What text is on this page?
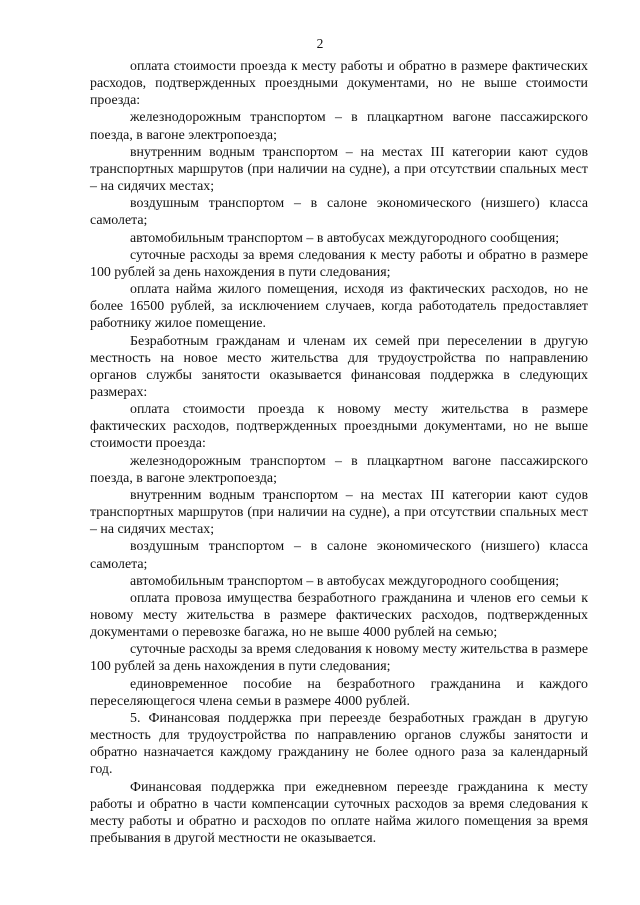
2

оплата стоимости проезда к месту работы и обратно в размере фактических расходов, подтвержденных проездными документами, но не выше стоимости проезда:

железнодорожным транспортом – в плацкартном вагоне пассажирского поезда, в вагоне электропоезда;

внутренним водным транспортом – на местах III категории кают судов транспортных маршрутов (при наличии на судне), а при отсутствии спальных мест – на сидячих местах;

воздушным транспортом – в салоне экономического (низшего) класса самолета;

автомобильным транспортом – в автобусах междугородного сообщения;

суточные расходы за время следования к месту работы и обратно в размере 100 рублей за день нахождения в пути следования;

оплата найма жилого помещения, исходя из фактических расходов, но не более 16500 рублей, за исключением случаев, когда работодатель предоставляет работнику жилое помещение.

Безработным гражданам и членам их семей при переселении в другую местность на новое место жительства для трудоустройства по направлению органов службы занятости оказывается финансовая поддержка в следующих размерах:

оплата стоимости проезда к новому месту жительства в размере фактических расходов, подтвержденных проездными документами, но не выше стоимости проезда:

железнодорожным транспортом – в плацкартном вагоне пассажирского поезда, в вагоне электропоезда;

внутренним водным транспортом – на местах III категории кают судов транспортных маршрутов (при наличии на судне), а при отсутствии спальных мест – на сидячих местах;

воздушным транспортом – в салоне экономического (низшего) класса самолета;

автомобильным транспортом – в автобусах междугородного сообщения;

оплата провоза имущества безработного гражданина и членов его семьи к новому месту жительства в размере фактических расходов, подтвержденных документами о перевозке багажа, но не выше 4000 рублей на семью;

суточные расходы за время следования к новому месту жительства в размере 100 рублей за день нахождения в пути следования;

единовременное пособие на безработного гражданина и каждого переселяющегося члена семьи в размере 4000 рублей.

5. Финансовая поддержка при переезде безработных граждан в другую местность для трудоустройства по направлению органов службы занятости и обратно назначается каждому гражданину не более одного раза за календарный год.

Финансовая поддержка при ежедневном переезде гражданина к месту работы и обратно в части компенсации суточных расходов за время следования к месту работы и обратно и расходов по оплате найма жилого помещения за время пребывания в другой местности не оказывается.
